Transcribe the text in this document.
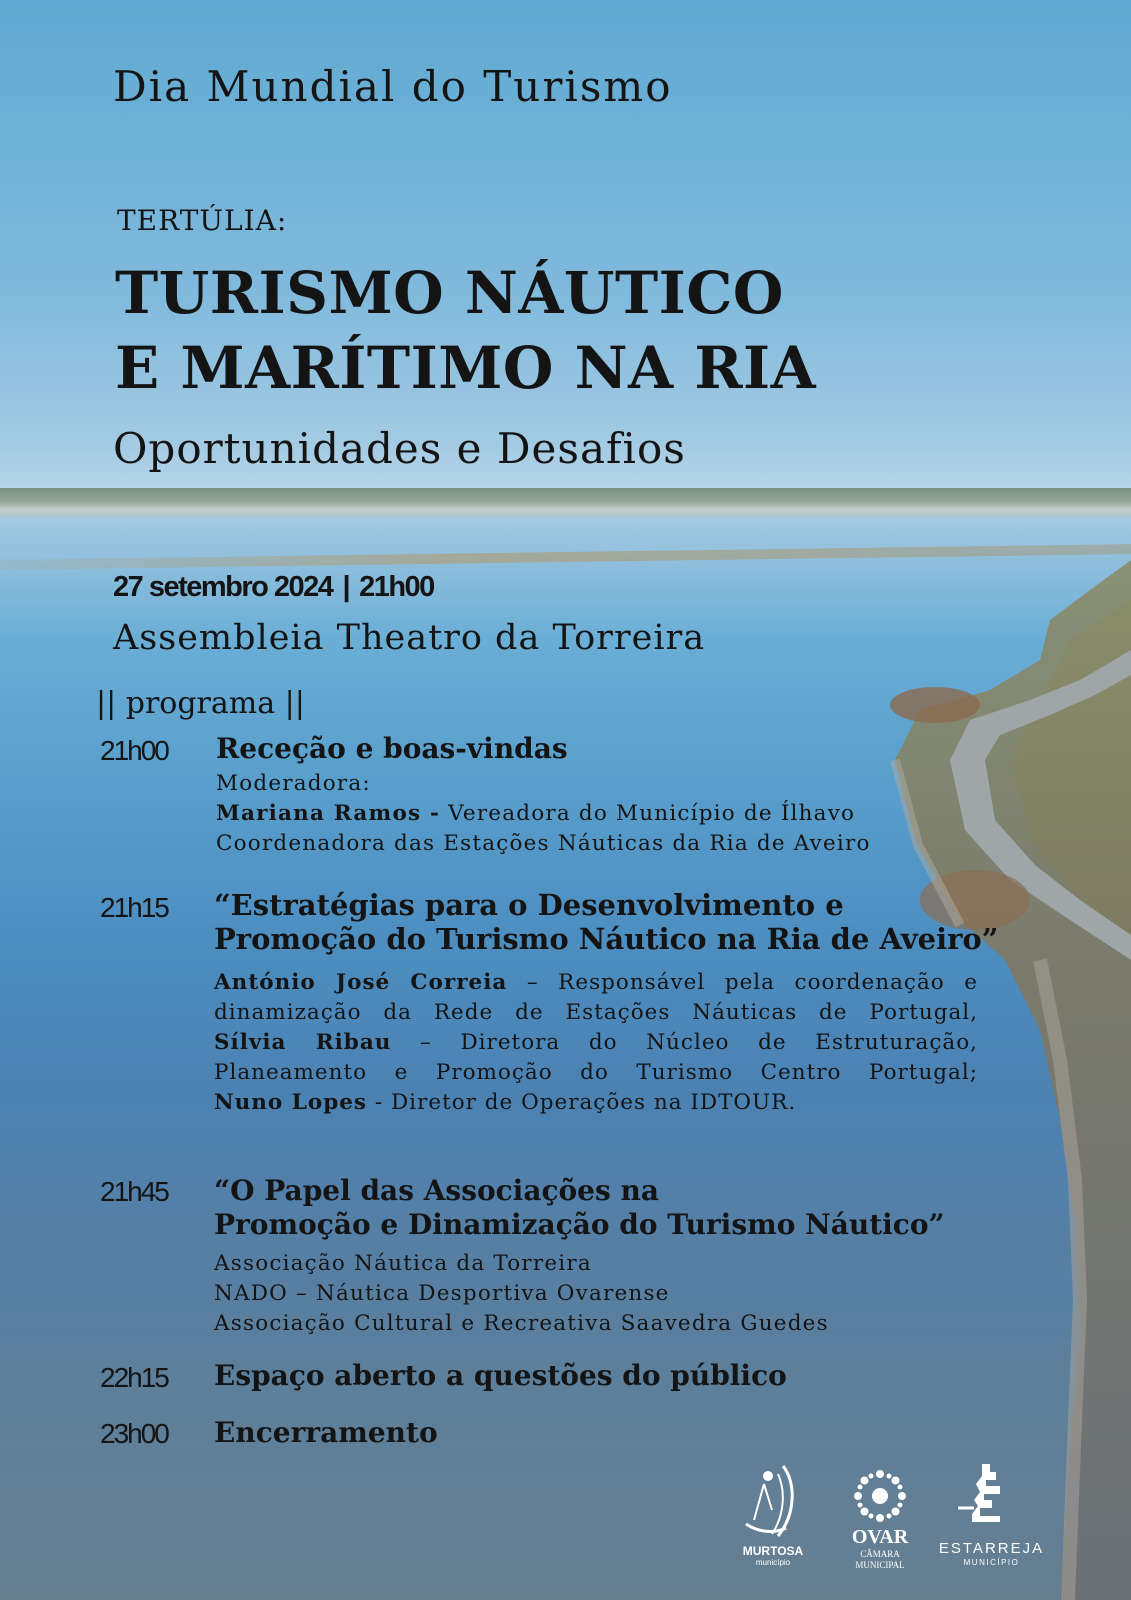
Dia Mundial do Turismo
TERTÚLIA:
TURISMO NÁUTICO
E MARÍTIMO NA RIA
Oportunidades e Desafios
27 setembro 2024 | 21h00
Assembleia Theatro da Torreira
|| programa ||
21h00 Receção e boas-vindas
Moderadora:
Mariana Ramos - Vereadora do Município de Ílhavo
Coordenadora das Estações Náuticas da Ria de Aveiro
21h15 “Estratégias para o Desenvolvimento e
Promoção do Turismo Náutico na Ria de Aveiro”
António José Correia – Responsável pela coordenação e
dinamização da Rede de Estações Náuticas de Portugal,
Sílvia Ribau – Diretora do Núcleo de Estruturação,
Planeamento e Promoção do Turismo Centro Portugal;
Nuno Lopes - Diretor de Operações na IDTOUR.
21h45 “O Papel das Associações na
Promoção e Dinamização do Turismo Náutico”
Associação Náutica da Torreira
NADO – Náutica Desportiva Ovarense
Associação Cultural e Recreativa Saavedra Guedes
22h15 Espaço aberto a questões do público
23h00 Encerramento
MURTOSA
município
OVAR
CÂMARA
MUNICIPAL
ESTARREJA
MUNICÍPIO
